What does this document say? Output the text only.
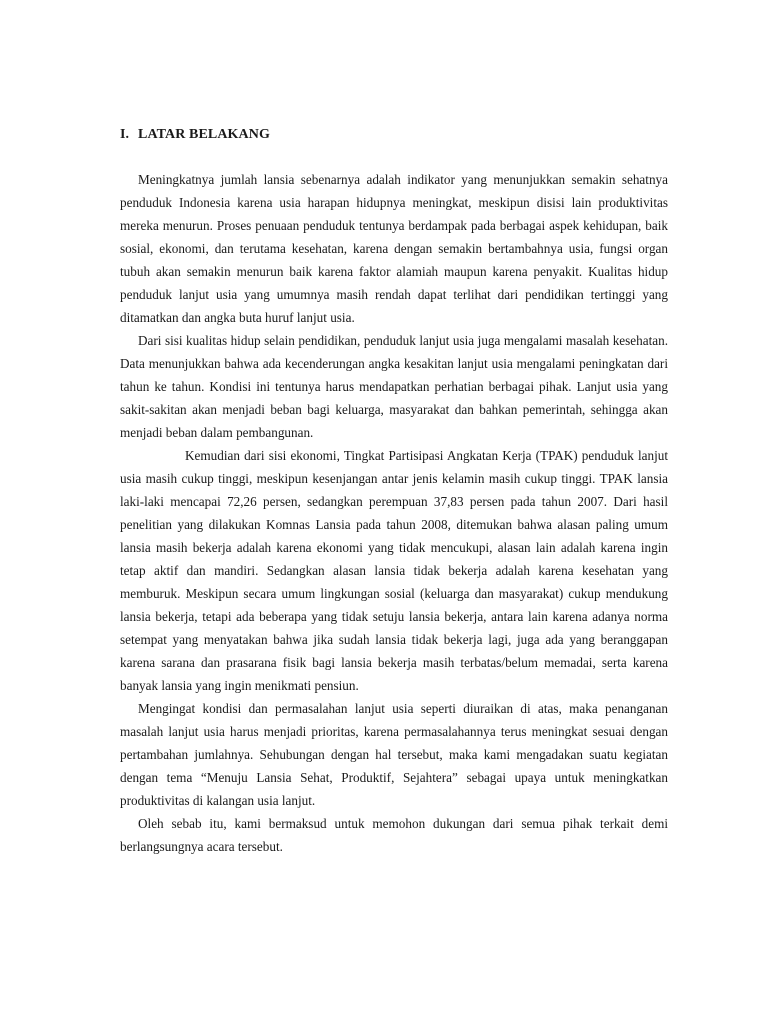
I. LATAR BELAKANG

Meningkatnya jumlah lansia sebenarnya adalah indikator yang menunjukkan semakin sehatnya penduduk Indonesia karena usia harapan hidupnya meningkat, meskipun disisi lain produktivitas mereka menurun. Proses penuaan penduduk tentunya berdampak pada berbagai aspek kehidupan, baik sosial, ekonomi, dan terutama kesehatan, karena dengan semakin bertambahnya usia, fungsi organ tubuh akan semakin menurun baik karena faktor alamiah maupun karena penyakit. Kualitas hidup penduduk lanjut usia yang umumnya masih rendah dapat terlihat dari pendidikan tertinggi yang ditamatkan dan angka buta huruf lanjut usia.

Dari sisi kualitas hidup selain pendidikan, penduduk lanjut usia juga mengalami masalah kesehatan. Data menunjukkan bahwa ada kecenderungan angka kesakitan lanjut usia mengalami peningkatan dari tahun ke tahun. Kondisi ini tentunya harus mendapatkan perhatian berbagai pihak. Lanjut usia yang sakit-sakitan akan menjadi beban bagi keluarga, masyarakat dan bahkan pemerintah, sehingga akan menjadi beban dalam pembangunan.

Kemudian dari sisi ekonomi, Tingkat Partisipasi Angkatan Kerja (TPAK) penduduk lanjut usia masih cukup tinggi, meskipun kesenjangan antar jenis kelamin masih cukup tinggi. TPAK lansia laki-laki mencapai 72,26 persen, sedangkan perempuan 37,83 persen pada tahun 2007. Dari hasil penelitian yang dilakukan Komnas Lansia pada tahun 2008, ditemukan bahwa alasan paling umum lansia masih bekerja adalah karena ekonomi yang tidak mencukupi, alasan lain adalah karena ingin tetap aktif dan mandiri. Sedangkan alasan lansia tidak bekerja adalah karena kesehatan yang memburuk. Meskipun secara umum lingkungan sosial (keluarga dan masyarakat) cukup mendukung lansia bekerja, tetapi ada beberapa yang tidak setuju lansia bekerja, antara lain karena adanya norma setempat yang menyatakan bahwa jika sudah lansia tidak bekerja lagi, juga ada yang beranggapan karena sarana dan prasarana fisik bagi lansia bekerja masih terbatas/belum memadai, serta karena banyak lansia yang ingin menikmati pensiun.

Mengingat kondisi dan permasalahan lanjut usia seperti diuraikan di atas, maka penanganan masalah lanjut usia harus menjadi prioritas, karena permasalahannya terus meningkat sesuai dengan pertambahan jumlahnya. Sehubungan dengan hal tersebut, maka kami mengadakan suatu kegiatan dengan tema “Menuju Lansia Sehat, Produktif, Sejahtera” sebagai upaya untuk meningkatkan produktivitas di kalangan usia lanjut.

Oleh sebab itu, kami bermaksud untuk memohon dukungan dari semua pihak terkait demi berlangsungnya acara tersebut.
